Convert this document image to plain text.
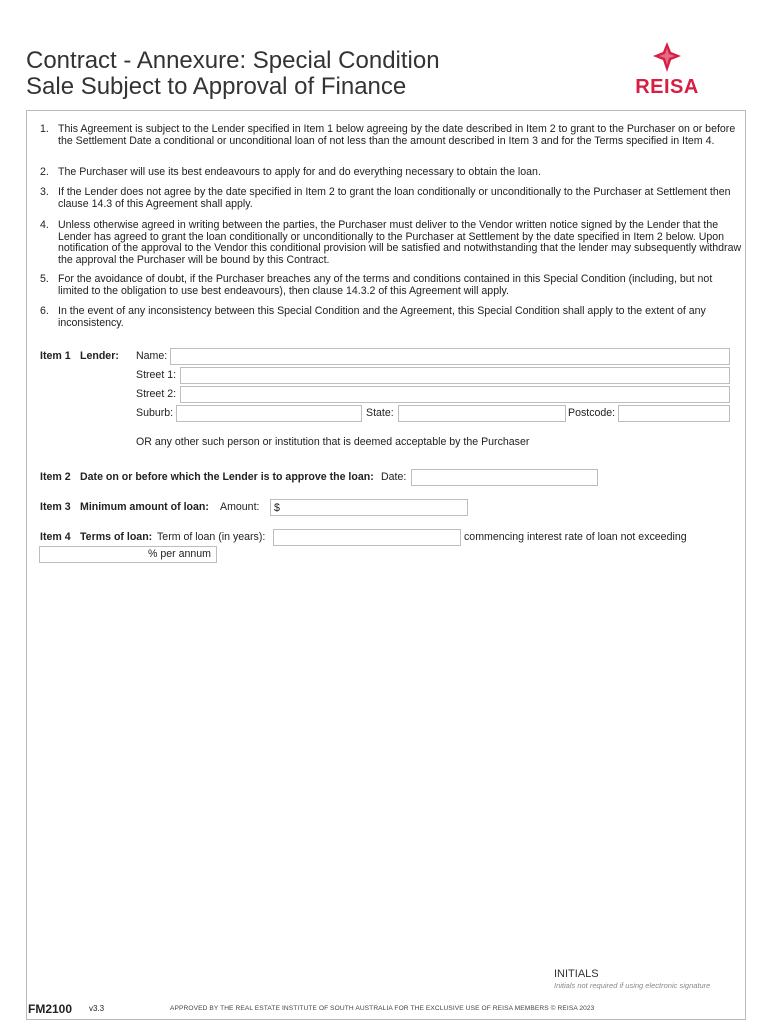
Contract - Annexure: Special Condition
Sale Subject to Approval of Finance	REISA
1. This Agreement is subject to the Lender specified in Item 1 below agreeing by the date described in Item 2 to grant to the Purchaser on or before the Settlement Date a conditional or unconditional loan of not less than the amount described in Item 3 and for the Terms specified in Item 4.
2. The Purchaser will use its best endeavours to apply for and do everything necessary to obtain the loan.
3. If the Lender does not agree by the date specified in Item 2 to grant the loan conditionally or unconditionally to the Purchaser at Settlement then clause 14.3 of this Agreement shall apply.
4. Unless otherwise agreed in writing between the parties, the Purchaser must deliver to the Vendor written notice signed by the Lender that the Lender has agreed to grant the loan conditionally or unconditionally to the Purchaser at Settlement by the date specified in Item 2 below. Upon notification of the approval to the Vendor this conditional provision will be satisfied and notwithstanding that the lender may subsequently withdraw the approval the Purchaser will be bound by this Contract.
5. For the avoidance of doubt, if the Purchaser breaches any of the terms and conditions contained in this Special Condition (including, but not limited to the obligation to use best endeavours), then clause 14.3.2 of this Agreement will apply.
6. In the event of any inconsistency between this Special Condition and the Agreement, this Special Condition shall apply to the extent of any inconsistency.
Item 1 Lender: Name:
Street 1:
Street 2:
Suburb:	State:	Postcode:
OR any other such person or institution that is deemed acceptable by the Purchaser
Item 2 Date on or before which the Lender is to approve the loan: Date:
Item 3 Minimum amount of loan: Amount:
$
Item 4 Terms of loan: Term of loan (in years):	commencing interest rate of loan not exceeding
% per annum
INITIALS
Initials not required if using electronic signature
FM2100 v3.3	APPROVED BY THE REAL ESTATE INSTITUTE OF SOUTH AUSTRALIA FOR THE EXCLUSIVE USE OF REISA MEMBERS © REISA 2023
